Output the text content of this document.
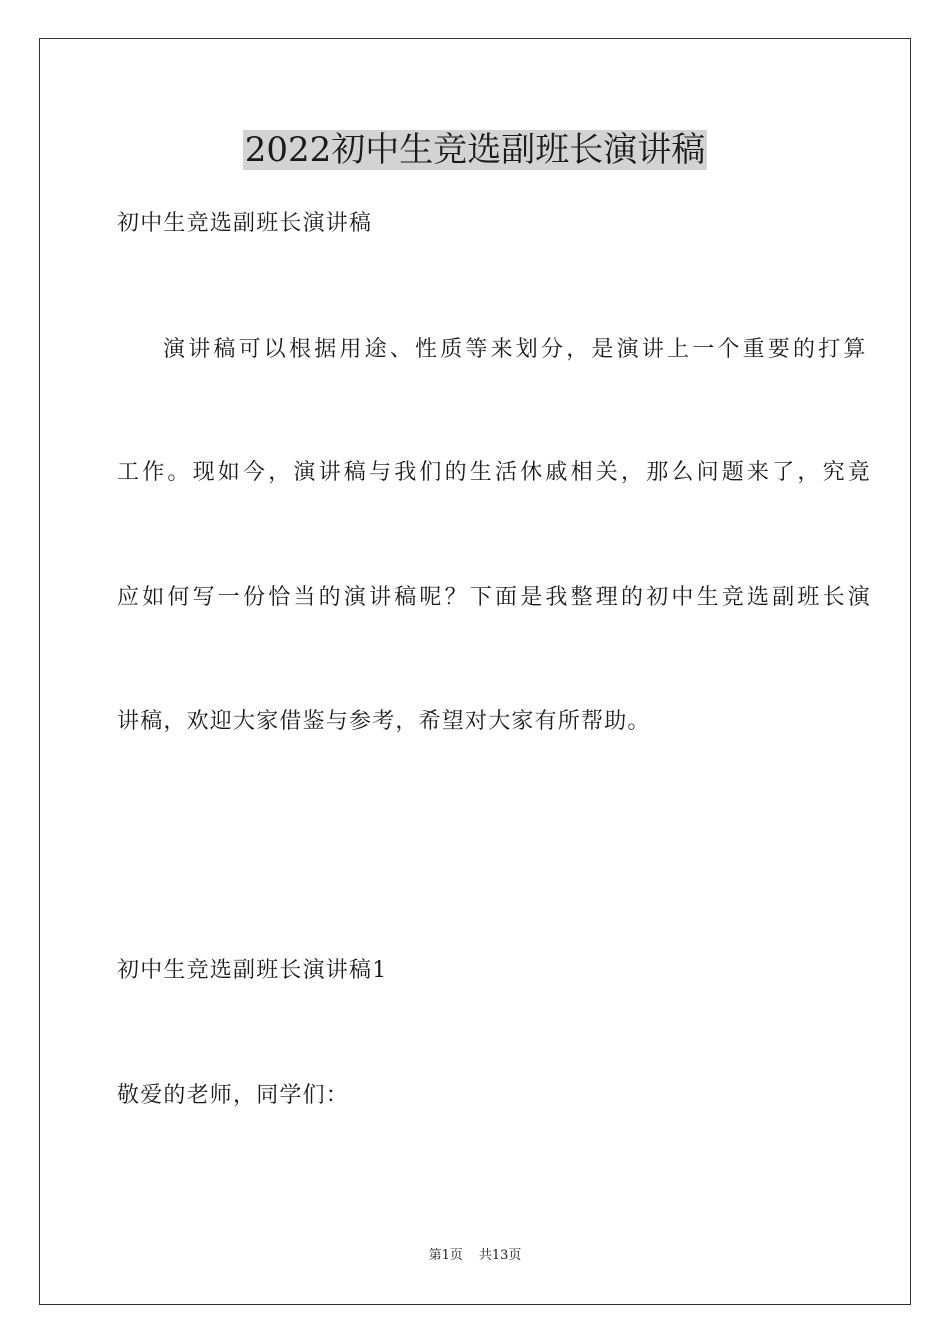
2022初中生竞选副班长演讲稿

初中生竞选副班长演讲稿

演讲稿可以根据用途、性质等来划分，是演讲上一个重要的打算

工作。现如今，演讲稿与我们的生活休戚相关，那么问题来了，究竟

应如何写一份恰当的演讲稿呢？下面是我整理的初中生竞选副班长演

讲稿，欢迎大家借鉴与参考，希望对大家有所帮助。

初中生竞选副班长演讲稿1

敬爱的老师，同学们：

第1页 共13页
